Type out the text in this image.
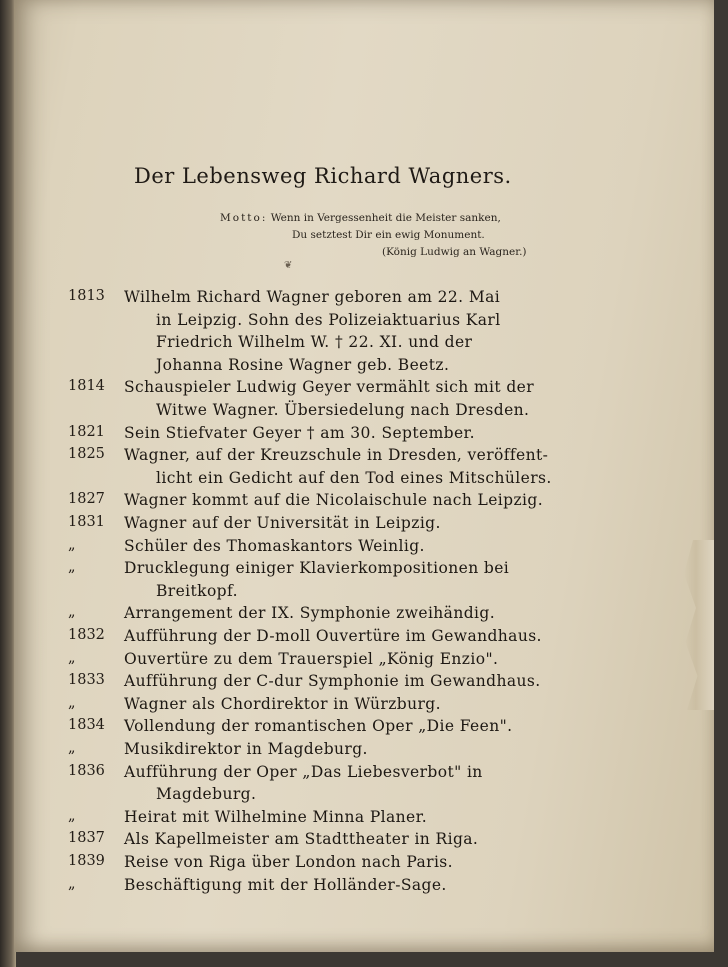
Der Lebensweg Richard Wagners.
Motto: Wenn in Vergessenheit die Meister sanken,
Du setztest Dir ein ewig Monument.
(König Ludwig an Wagner.)
❦
1813	Wilhelm Richard Wagner geboren am 22. Mai
in Leipzig. Sohn des Polizeiaktuarius Karl
Friedrich Wilhelm W. † 22. XI. und der
Johanna Rosine Wagner geb. Beetz.
1814	Schauspieler Ludwig Geyer vermählt sich mit der
Witwe Wagner. Übersiedelung nach Dresden.
1821	Sein Stiefvater Geyer † am 30. September.
1825	Wagner, auf der Kreuzschule in Dresden, veröffent-
licht ein Gedicht auf den Tod eines Mitschülers.
1827	Wagner kommt auf die Nicolaischule nach Leipzig.
1831	Wagner auf der Universität in Leipzig.
„	Schüler des Thomaskantors Weinlig.
„	Drucklegung einiger Klavierkompositionen bei
Breitkopf.
„	Arrangement der IX. Symphonie zweihändig.
1832	Aufführung der D-moll Ouvertüre im Gewandhaus.
„	Ouvertüre zu dem Trauerspiel „König Enzio".
1833	Aufführung der C-dur Symphonie im Gewandhaus.
„	Wagner als Chordirektor in Würzburg.
1834	Vollendung der romantischen Oper „Die Feen".
„	Musikdirektor in Magdeburg.
1836	Aufführung der Oper „Das Liebesverbot" in
Magdeburg.
„	Heirat mit Wilhelmine Minna Planer.
1837	Als Kapellmeister am Stadttheater in Riga.
1839	Reise von Riga über London nach Paris.
„	Beschäftigung mit der Holländer-Sage.
